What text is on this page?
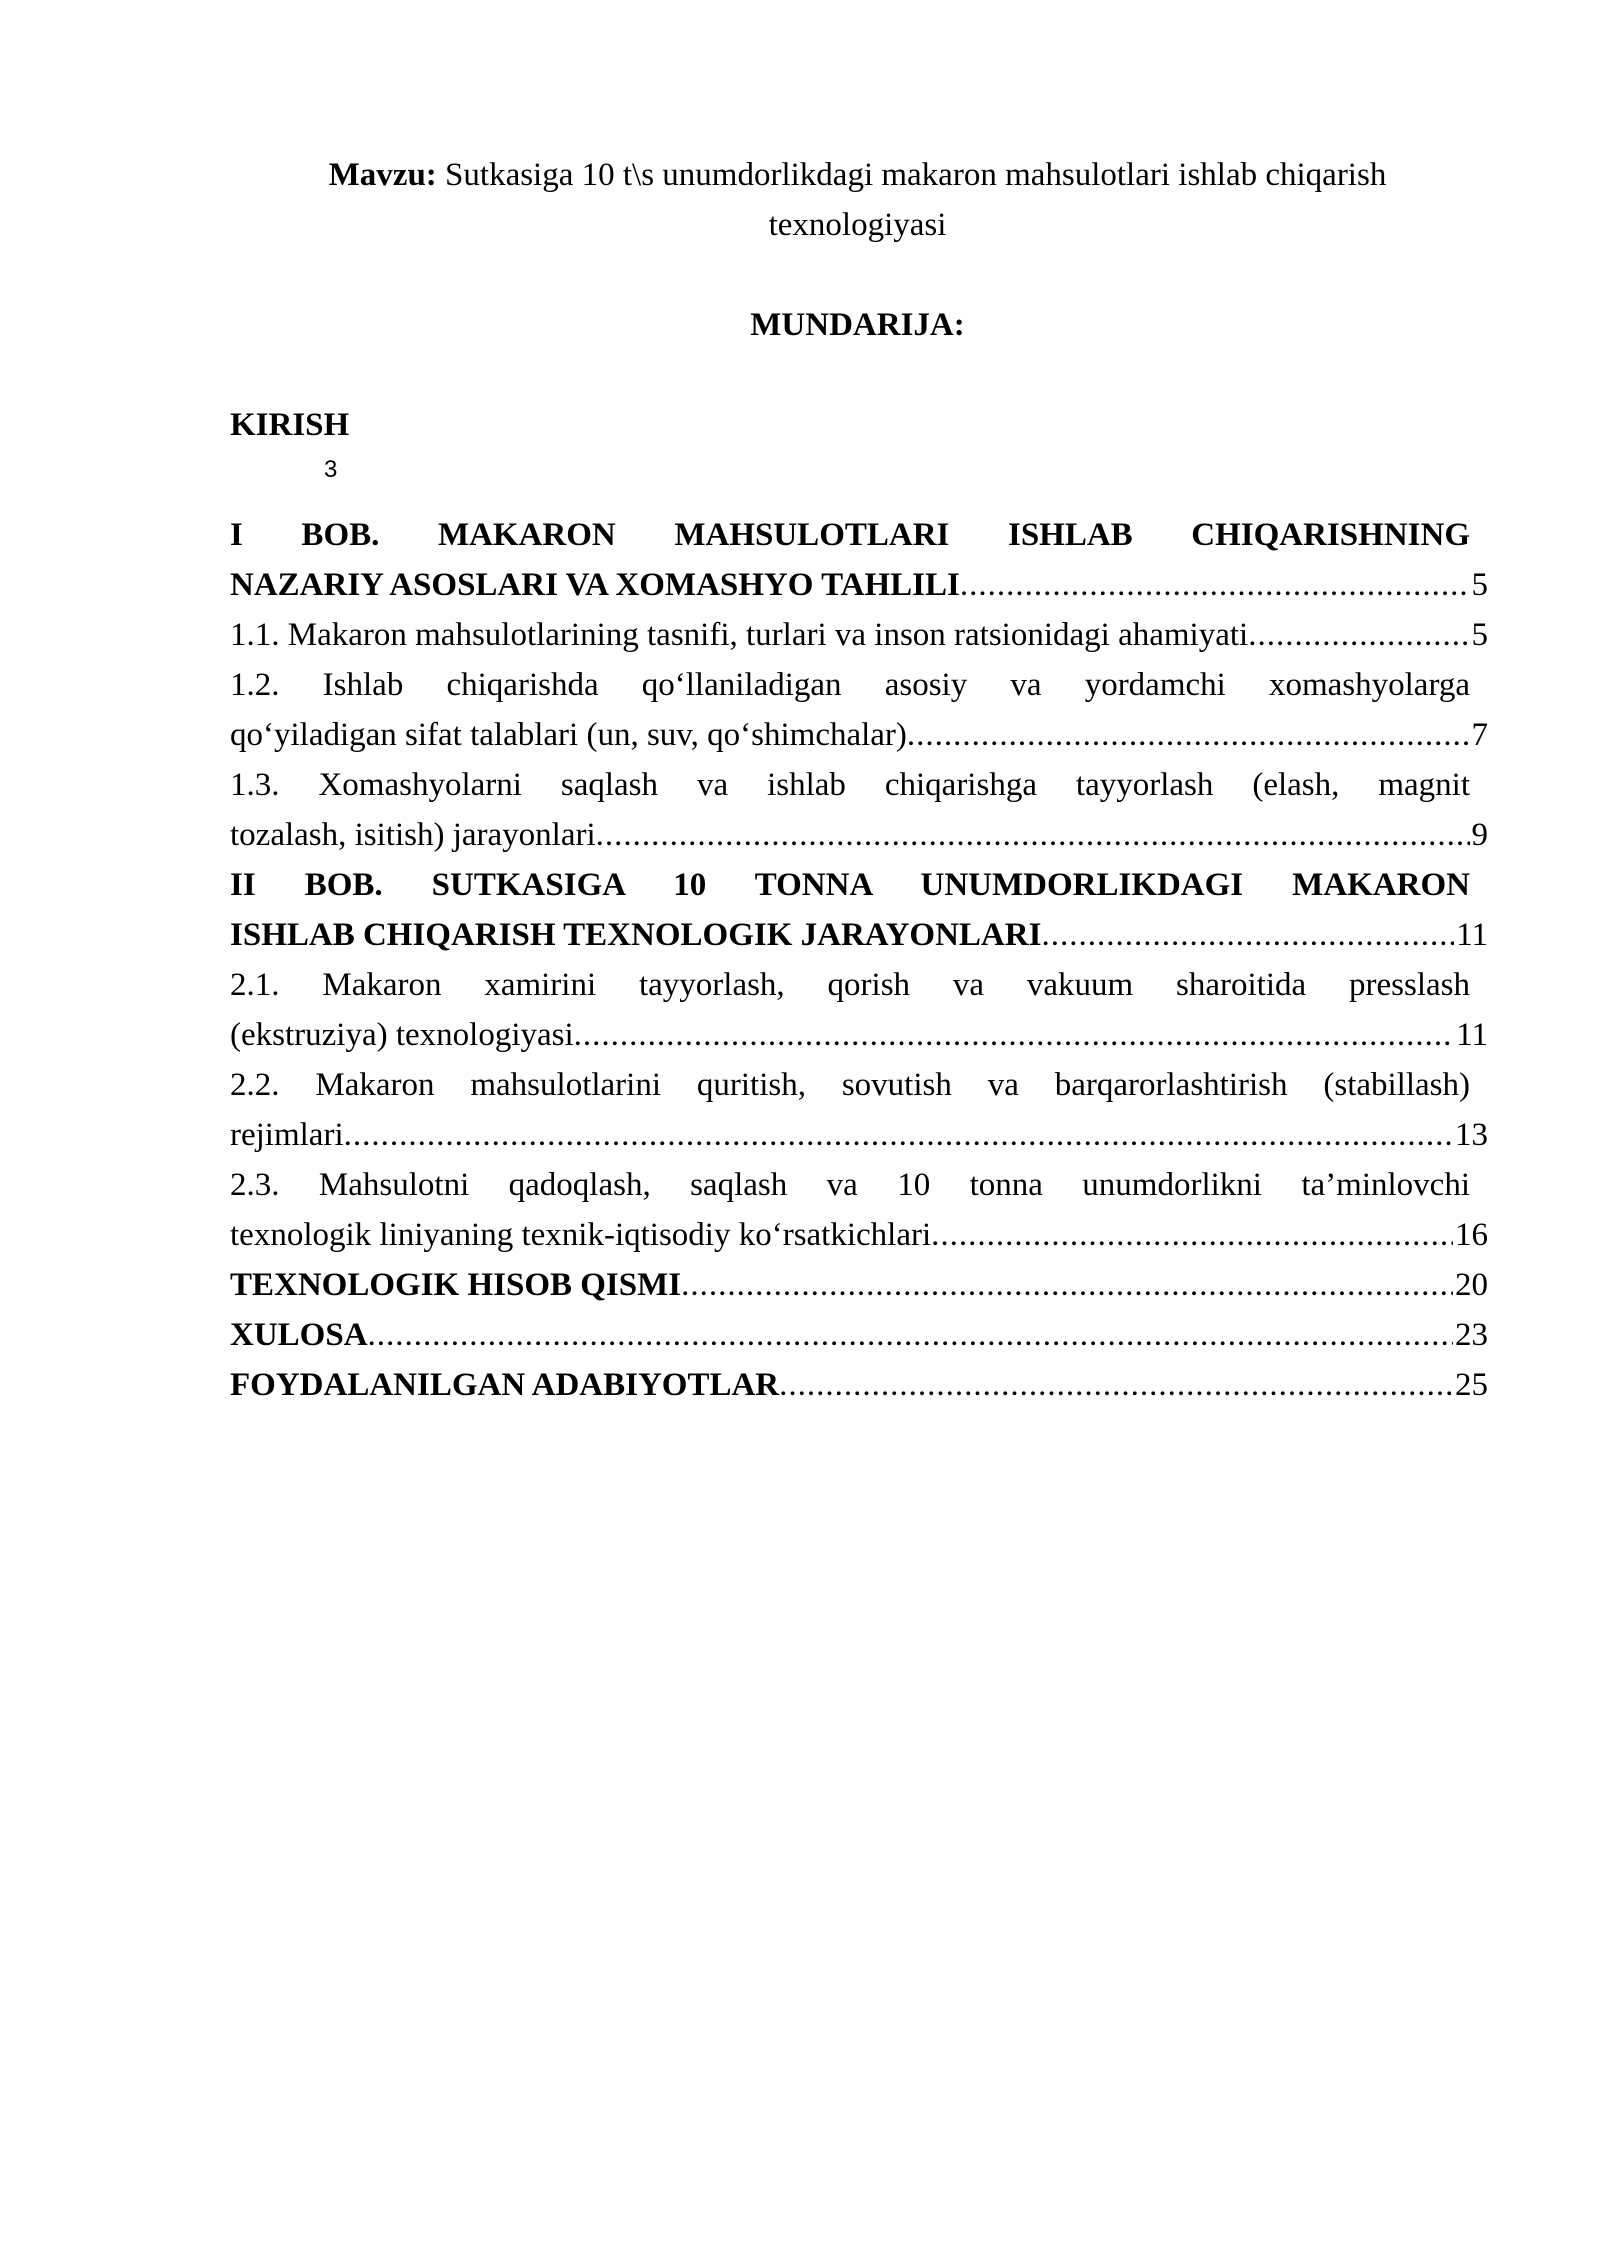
Mavzu: Sutkasiga 10 t\s unumdorlikdagi makaron mahsulotlari ishlab chiqarish
texnologiyasi
MUNDARIJA:
KIRISH
3
I BOB. MAKARON MAHSULOTLARI ISHLAB CHIQARISHNING
NAZARIY ASOSLARI VA XOMASHYO TAHLILI .....	5
1.1. Makaron mahsulotlarining tasnifi, turlari va inson ratsionidagi ahamiyati .....	5
1.2. Ishlab chiqarishda qo‘llaniladigan asosiy va yordamchi xomashyolarga
qo‘yiladigan sifat talablari (un, suv, qo‘shimchalar) .....	7
1.3. Xomashyolarni saqlash va ishlab chiqarishga tayyorlash (elash, magnit
tozalash, isitish) jarayonlari .....	9
II BOB. SUTKASIGA 10 TONNA UNUMDORLIKDAGI MAKARON
ISHLAB CHIQARISH TEXNOLOGIK JARAYONLARI .....	11
2.1. Makaron xamirini tayyorlash, qorish va vakuum sharoitida presslash
(ekstruziya) texnologiyasi .....	11
2.2. Makaron mahsulotlarini quritish, sovutish va barqarorlashtirish (stabillash)
rejimlari .....	13
2.3. Mahsulotni qadoqlash, saqlash va 10 tonna unumdorlikni ta’minlovchi
texnologik liniyaning texnik-iqtisodiy ko‘rsatkichlari .....	16
TEXNOLOGIK HISOB QISMI .....	20
XULOSA .....	23
FOYDALANILGAN ADABIYOTLAR .....	25
